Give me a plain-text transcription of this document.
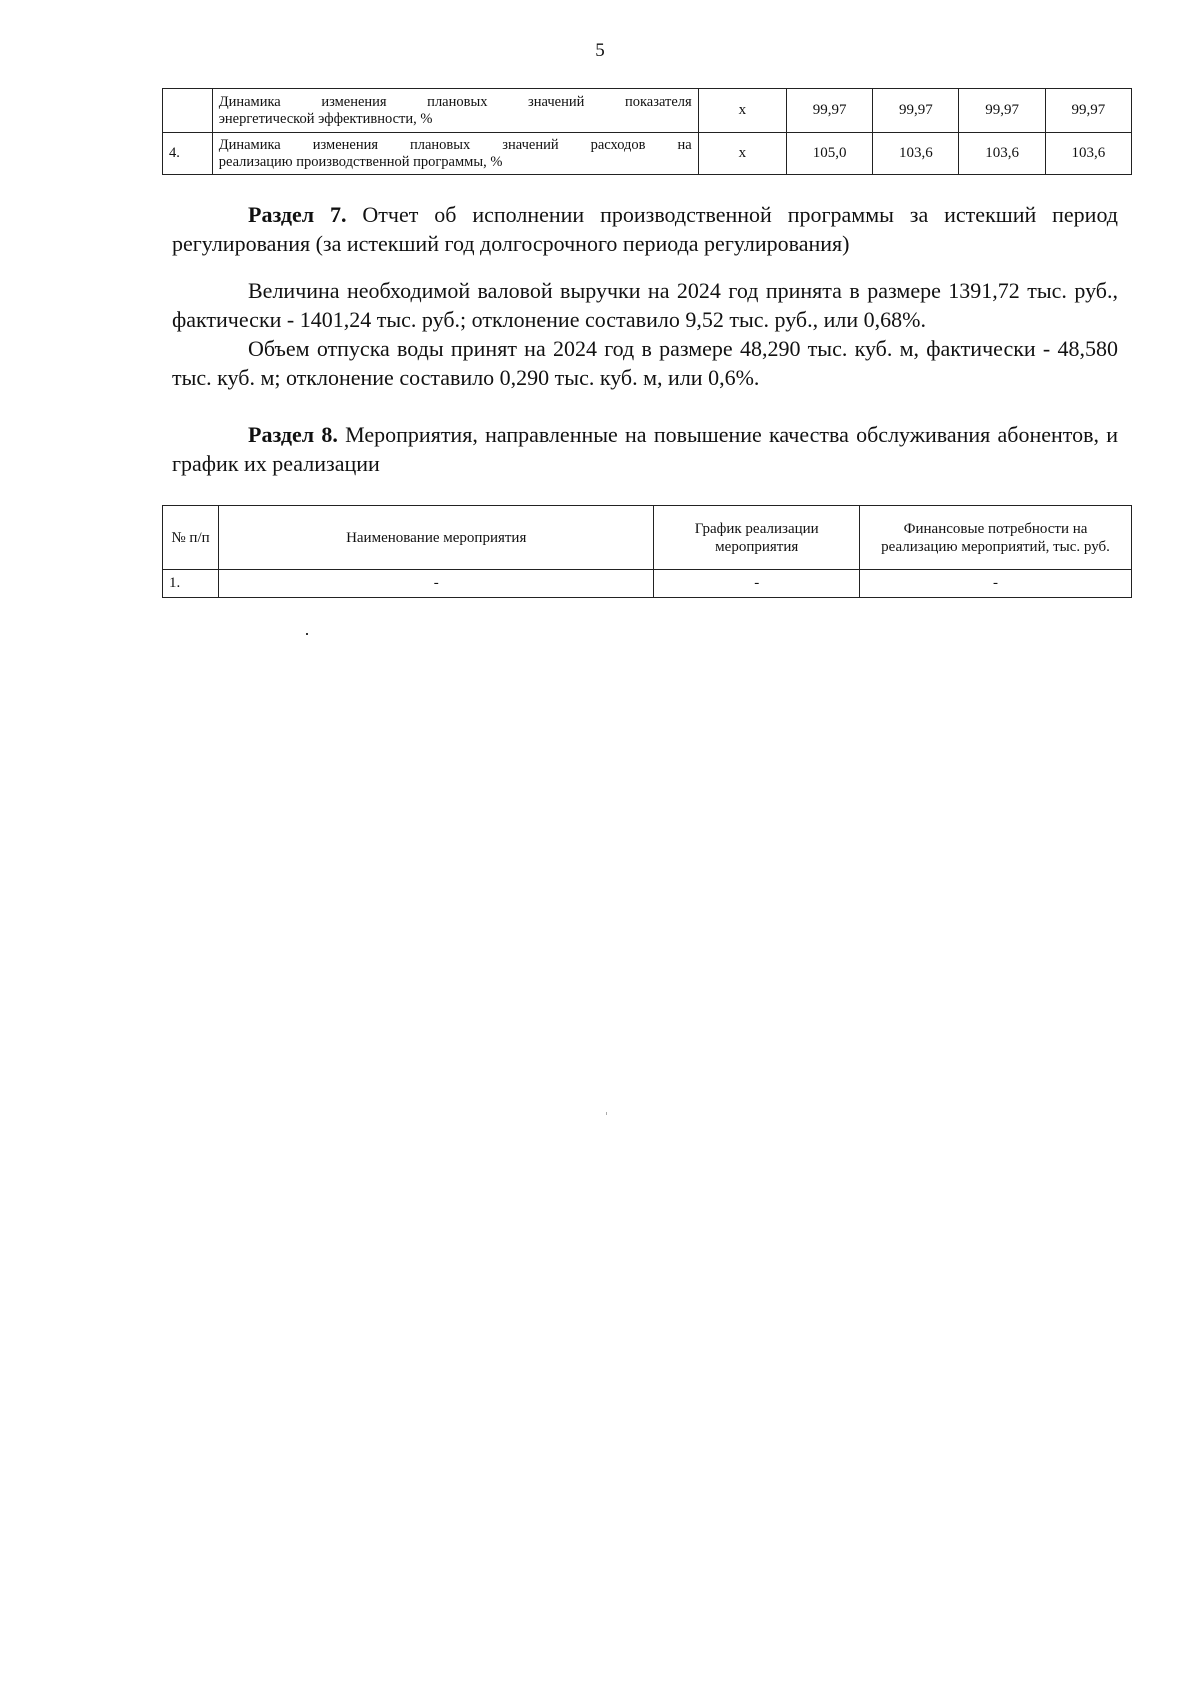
5

	Динамика изменения плановых значений показателя
энергетической эффективности, %	х	99,97	99,97	99,97	99,97
4.	Динамика изменения плановых значений расходов на
реализацию производственной программы, %	х	105,0	103,6	103,6	103,6
Раздел 7. Отчет об исполнении производственной программы за истекший период регулирования (за истекший год долгосрочного периода регулирования)
Величина необходимой валовой выручки на 2024 год принята в размере 1391,72 тыс. руб., фактически - 1401,24 тыс. руб.; отклонение составило 9,52 тыс. руб., или 0,68%.
Объем отпуска воды принят на 2024 год в размере 48,290 тыс. куб. м, фактически - 48,580 тыс. куб. м; отклонение составило 0,290 тыс. куб. м, или 0,6%.
Раздел 8. Мероприятия, направленные на повышение качества обслуживания абонентов, и график их реализации
№ п/п	Наименование мероприятия	График реализации мероприятия	Финансовые потребности на реализацию мероприятий, тыс. руб.
1.	-	-	-
